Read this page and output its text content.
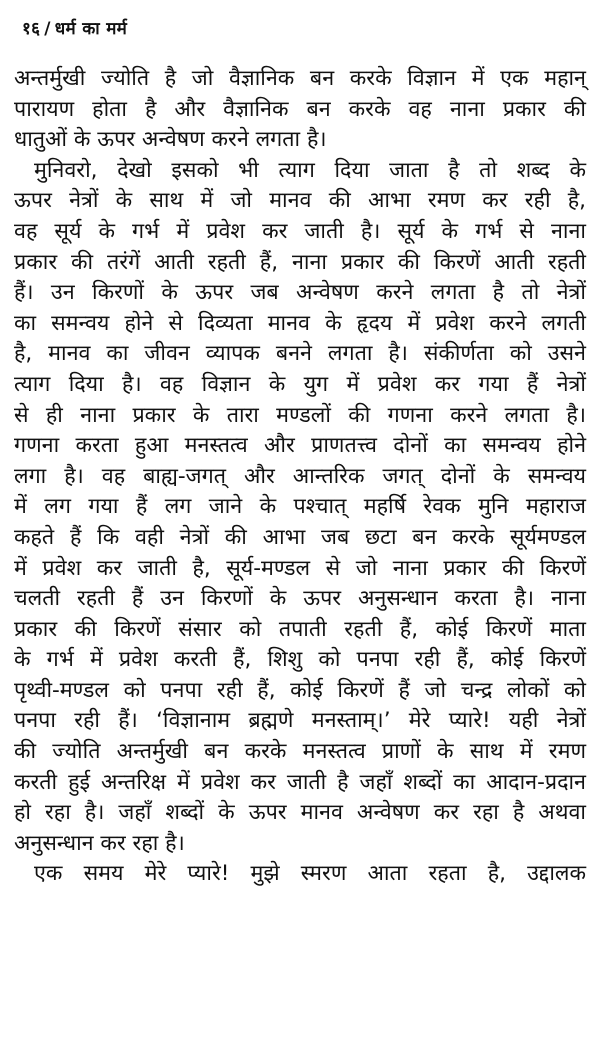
१६ / धर्म का मर्म
अन्तर्मुखी ज्योति है जो वैज्ञानिक बन करके विज्ञान में एक महान्
पारायण होता है और वैज्ञानिक बन करके वह नाना प्रकार की
धातुओं के ऊपर अन्वेषण करने लगता है।
मुनिवरो, देखो इसको भी त्याग दिया जाता है तो शब्द के
ऊपर नेत्रों के साथ में जो मानव की आभा रमण कर रही है,
वह सूर्य के गर्भ में प्रवेश कर जाती है। सूर्य के गर्भ से नाना
प्रकार की तरंगें आती रहती हैं, नाना प्रकार की किरणें आती रहती
हैं। उन किरणों के ऊपर जब अन्वेषण करने लगता है तो नेत्रों
का समन्वय होने से दिव्यता मानव के हृदय में प्रवेश करने लगती
है, मानव का जीवन व्यापक बनने लगता है। संकीर्णता को उसने
त्याग दिया है। वह विज्ञान के युग में प्रवेश कर गया हैं नेत्रों
से ही नाना प्रकार के तारा मण्डलों की गणना करने लगता है।
गणना करता हुआ मनस्तत्व और प्राणतत्त्व दोनों का समन्वय होने
लगा है। वह बाह्य-जगत् और आन्तरिक जगत् दोनों के समन्वय
में लग गया हैं लग जाने के पश्चात् महर्षि रेवक मुनि महाराज
कहते हैं कि वही नेत्रों की आभा जब छटा बन करके सूर्यमण्डल
में प्रवेश कर जाती है, सूर्य-मण्डल से जो नाना प्रकार की किरणें
चलती रहती हैं उन किरणों के ऊपर अनुसन्धान करता है। नाना
प्रकार की किरणें संसार को तपाती रहती हैं, कोई किरणें माता
के गर्भ में प्रवेश करती हैं, शिशु को पनपा रही हैं, कोई किरणें
पृथ्वी-मण्डल को पनपा रही हैं, कोई किरणें हैं जो चन्द्र लोकों को
पनपा रही हैं। ‘विज्ञानाम ब्रह्मणे मनस्ताम्।’ मेरे प्यारे! यही नेत्रों
की ज्योति अन्तर्मुखी बन करके मनस्तत्व प्राणों के साथ में रमण
करती हुई अन्तरिक्ष में प्रवेश कर जाती है जहाँ शब्दों का आदान-प्रदान
हो रहा है। जहाँ शब्दों के ऊपर मानव अन्वेषण कर रहा है अथवा
अनुसन्धान कर रहा है।
एक समय मेरे प्यारे! मुझे स्मरण आता रहता है, उद्दालक
